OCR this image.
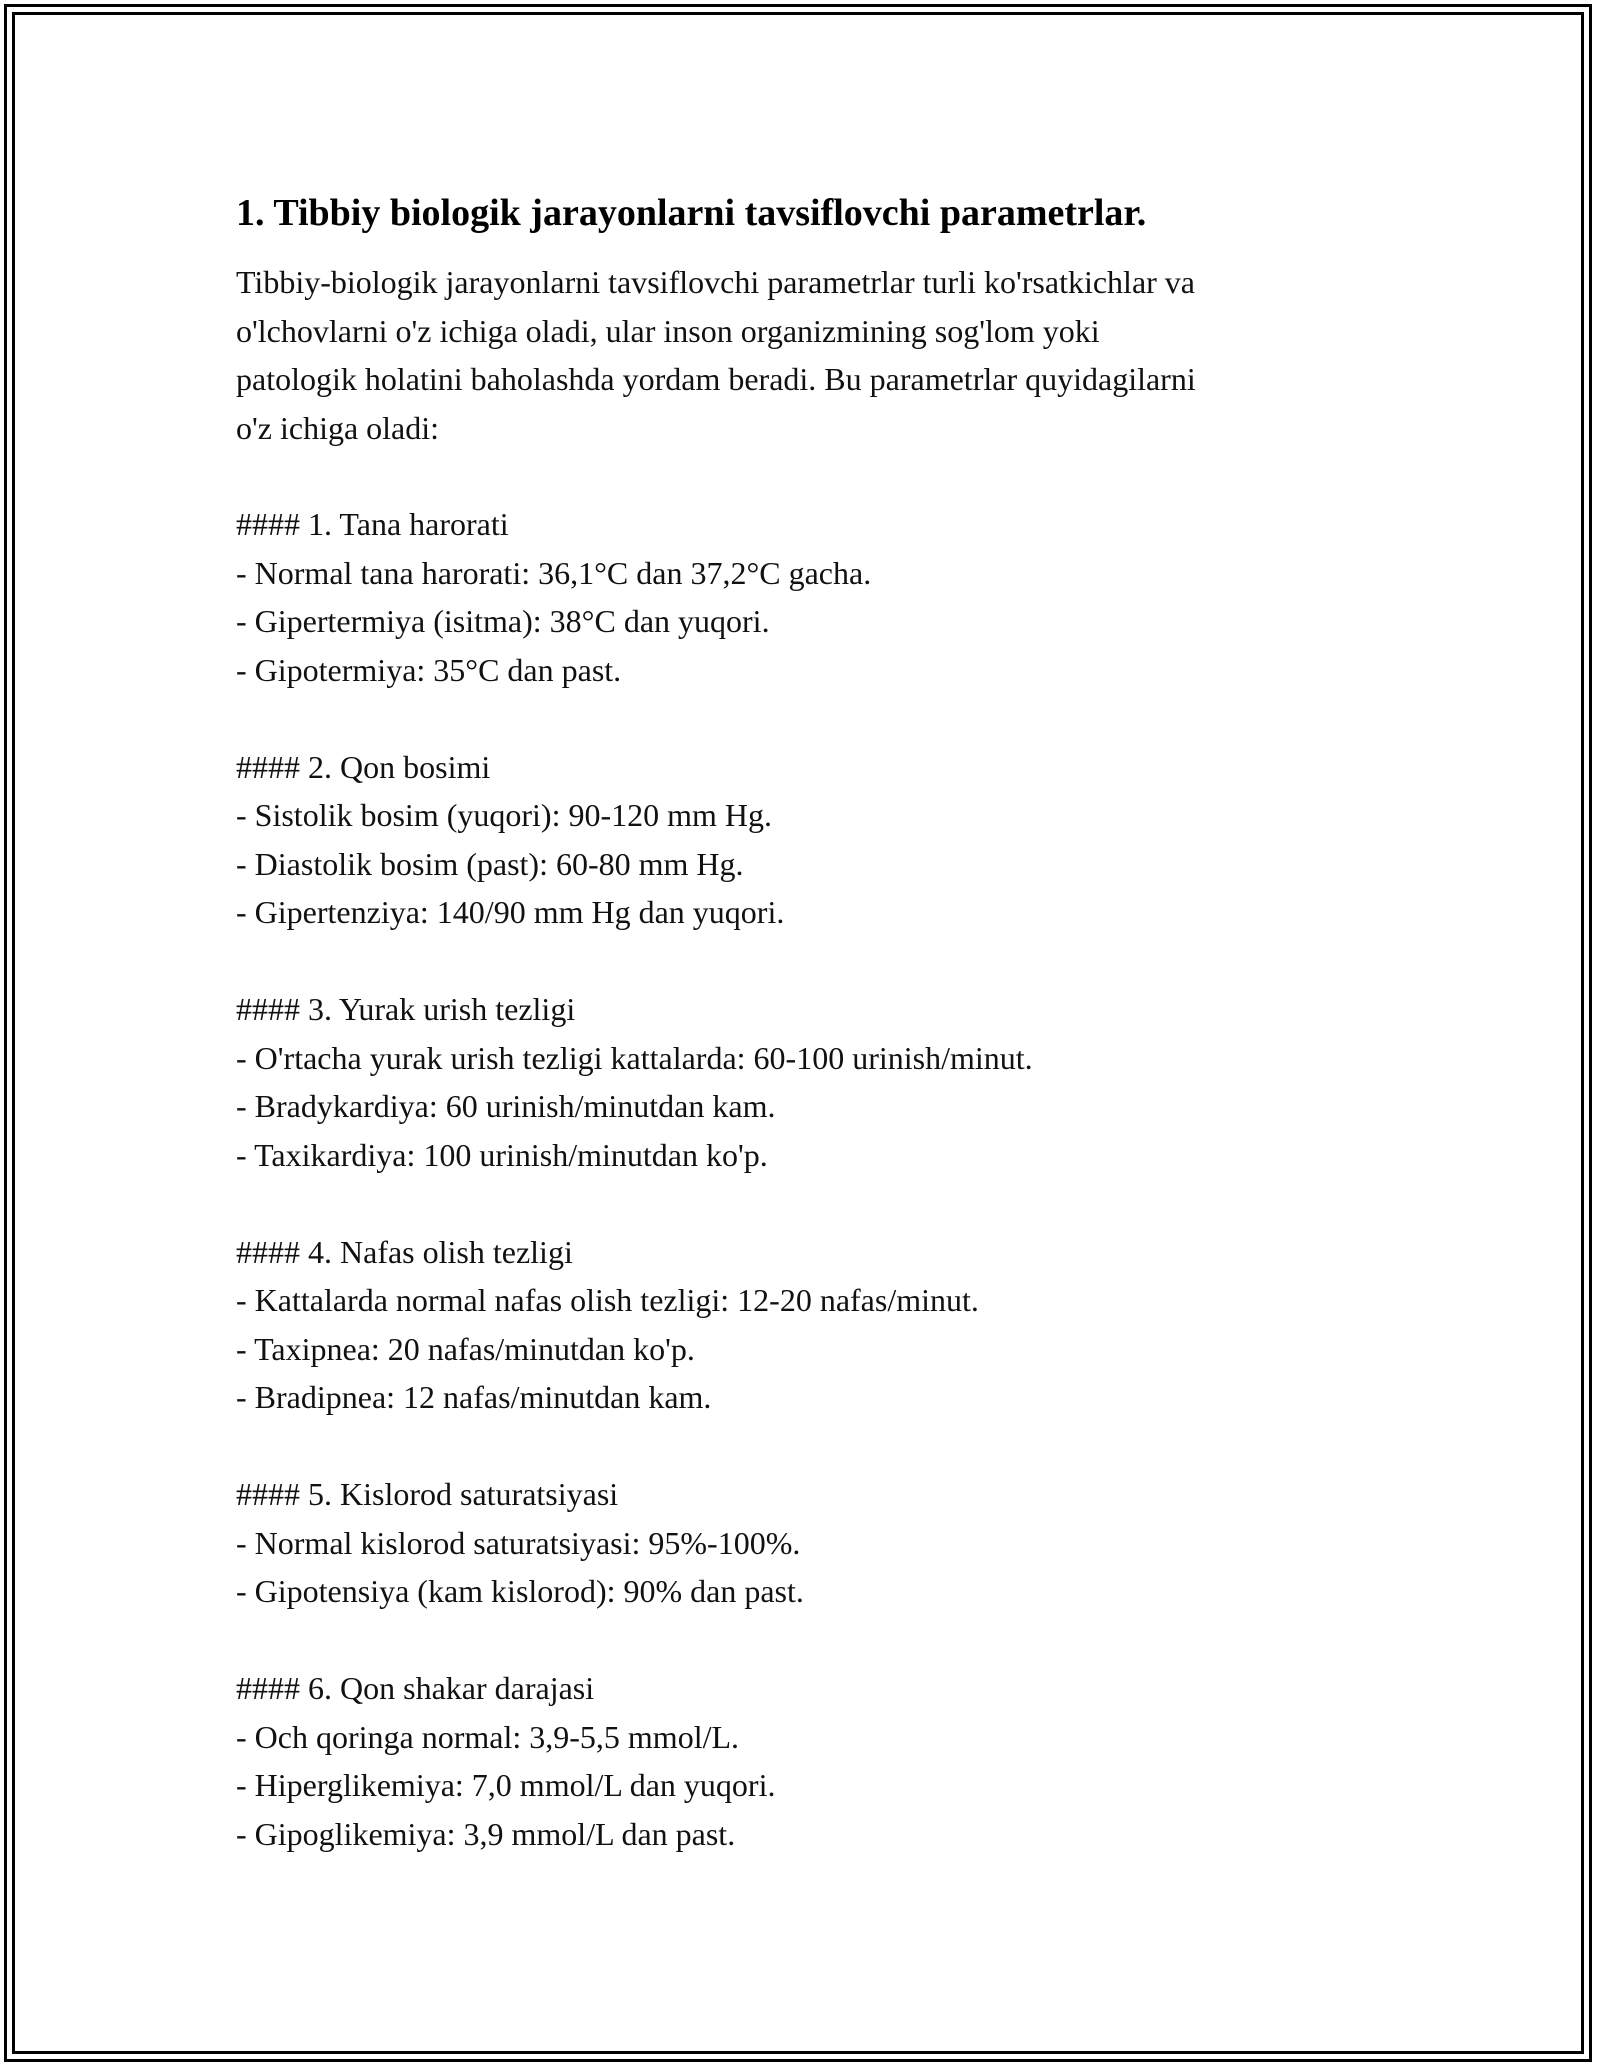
1. Tibbiy biologik jarayonlarni tavsiflovchi parametrlar.
Tibbiy-biologik jarayonlarni tavsiflovchi parametrlar turli ko'rsatkichlar va
o'lchovlarni o'z ichiga oladi, ular inson organizmining sog'lom yoki
patologik holatini baholashda yordam beradi. Bu parametrlar quyidagilarni
o'z ichiga oladi:
#### 1. Tana harorati
- Normal tana harorati: 36,1°C dan 37,2°C gacha.
- Gipertermiya (isitma): 38°C dan yuqori.
- Gipotermiya: 35°C dan past.
#### 2. Qon bosimi
- Sistolik bosim (yuqori): 90-120 mm Hg.
- Diastolik bosim (past): 60-80 mm Hg.
- Gipertenziya: 140/90 mm Hg dan yuqori.
#### 3. Yurak urish tezligi
- O'rtacha yurak urish tezligi kattalarda: 60-100 urinish/minut.
- Bradykardiya: 60 urinish/minutdan kam.
- Taxikardiya: 100 urinish/minutdan ko'p.
#### 4. Nafas olish tezligi
- Kattalarda normal nafas olish tezligi: 12-20 nafas/minut.
- Taxipnea: 20 nafas/minutdan ko'p.
- Bradipnea: 12 nafas/minutdan kam.
#### 5. Kislorod saturatsiyasi
- Normal kislorod saturatsiyasi: 95%-100%.
- Gipotensiya (kam kislorod): 90% dan past.
#### 6. Qon shakar darajasi
- Och qoringa normal: 3,9-5,5 mmol/L.
- Hiperglikemiya: 7,0 mmol/L dan yuqori.
- Gipoglikemiya: 3,9 mmol/L dan past.
